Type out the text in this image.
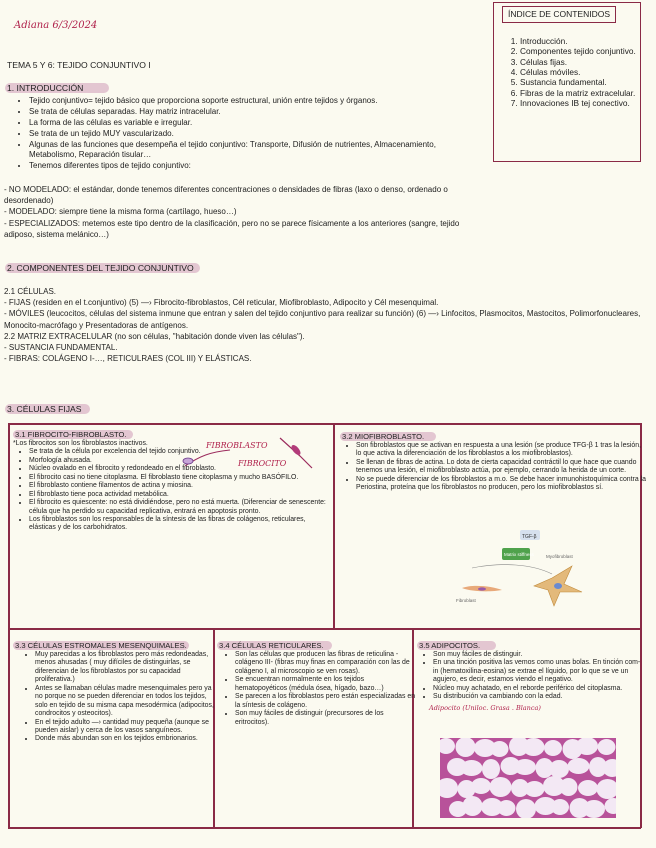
Adiana 6/3/2024
TEMA 5 Y 6: TEJIDO CONJUNTIVO I
ÍNDICE DE CONTENIDOS
1. Introducción.
2. Componentes tejido conjuntivo.
3. Células fijas.
4. Células móviles.
5. Sustancia fundamental.
6. Fibras de la matriz extracelular.
7. Innovaciones IB tej conectivo.
1. INTRODUCCIÓN
• Tejido conjuntivo= tejido básico que proporciona soporte estructural, unión entre tejidos y órganos.
• Se trata de células separadas. Hay matriz intracelular.
• La forma de las células es variable e irregular.
• Se trata de un tejido MUY vascularizado.
• Algunas de las funciones que desempeña el tejido conjuntivo: Transporte, Difusión de nutrientes, Almacenamiento, Metabolismo, Reparación tisular…
• Tenemos diferentes tipos de tejido conjuntivo:
- NO MODELADO: el estándar, donde tenemos diferentes concentraciones o densidades de fibras (laxo o denso, ordenado o desordenado)
- MODELADO: siempre tiene la misma forma (cartílago, hueso…)
- ESPECIALIZADOS: metemos este tipo dentro de la clasificación, pero no se parece físicamente a los anteriores (sangre, tejido adiposo, sistema melánico…)
2. COMPONENTES DEL TEJIDO CONJUNTIVO
2.1 CÉLULAS.
- FIJAS (residen en el t.conjuntivo) (5) —› Fibrocito-fibroblastos, Cél reticular, Miofibroblasto, Adipocito y Cél mesenquimal.
- MÓVILES (leucocitos, células del sistema inmune que entran y salen del tejido conjuntivo para realizar su función) (6) —› Linfocitos, Plasmocitos, Mastocitos, Polimorfonucleares, Monocito-macrófago y Presentadoras de antígenos.
2.2 MATRIZ EXTRACELULAR (no son células, "habitación donde viven las células").
- SUSTANCIA FUNDAMENTAL.
- FIBRAS: COLÁGENO I-…, RETICULRAES (COL III) Y ELÁSTICAS.
3. CÉLULAS FIJAS
3.1 FIBROCITO-FIBROBLASTO.
*Los fibrocitos son los fibroblastos inactivos.
• Se trata de la célula por excelencia del tejido conjuntivo.
• Morfología ahusada.
• Núcleo ovalado en el fibrocito y redondeado en el fibroblasto.
• El fibrocito casi no tiene citoplasma. El fibroblasto tiene citoplasma y mucho BASÓFILO.
• El fibroblasto contiene filamentos de actina y miosina.
• El fibroblasto tiene poca actividad metabólica.
• El fibrocito es quiescente: no está dividiéndose, pero no está muerta. (Diferenciar de senescente: célula que ha perdido su capacidad replicativa, entrará en apoptosis pronto.
• Los fibroblastos son los responsables de la síntesis de las fibras de colágenos, reticulares, elásticas y de los carbohidratos.
FIBROBLASTO
FIBROCITO
3.2 MIOFIBROBLASTO.
• Son fibroblastos que se activan en respuesta a una lesión (se produce TFG-β 1 tras la lesión, lo que activa la diferenciación de los fibroblastos a los miofibroblastos).
• Se llenan de fibras de actina. Lo dota de cierta capacidad contráctil lo que hace que cuando tenemos una lesión, el miofibroblasto actúa, por ejemplo, cerrando la herida de un corte.
• No se puede diferenciar de los fibroblastos a m.o. Se debe hacer inmunohistoquímica contra la Periostina, proteína que los fibroblastos no producen, pero los miofibroblastos sí.
TGF-β
Matrix stiffness	Myofibroblast
Fibroblast
3.3 CÉLULAS ESTROMALES MESENQUIMALES.
• Muy parecidas a los fibroblastos pero más redondeadas, menos ahusadas ( muy difíciles de distinguirlas, se diferencian de los fibroblastos por su capacidad proliferativa.)
• Antes se llamaban células madre mesenquimales pero ya no porque no se pueden diferenciar en todos los tejidos, solo en tejido de su misma capa mesodérmica (adipocitos, condrocitos y osteocitos).
• En el tejido adulto —› cantidad muy pequeña (aunque se pueden aislar) y cerca de los vasos sanguíneos.
• Donde más abundan son en los tejidos embrionarios.
3.4 CÉLULAS RETICULARES.
• Son las células que producen las fibras de reticulina - colágeno III- (fibras muy finas en comparación con las de colágeno I, al microscopio se ven rosas).
• Se encuentran normalmente en los tejidos hematopoyéticos (médula ósea, hígado, bazo…)
• Se parecen a los fibroblastos pero están especializadas en la síntesis de colágeno.
• Son muy fáciles de distinguir (precursores de los eritrocitos).
3.5 ADIPOCITOS.
• Son muy fáciles de distinguir.
• En una tinción positiva las vemos como unas bolas. En tinción com-in (hematoxilina-eosina) se extrae el líquido, por lo que se ve un agujero, es decir, estamos viendo el negativo.
• Núcleo muy achatado, en el reborde periférico del citoplasma.
• Su distribución va cambiando con la edad.
Adipocito (Uniloc. Grasa . Blanca)
